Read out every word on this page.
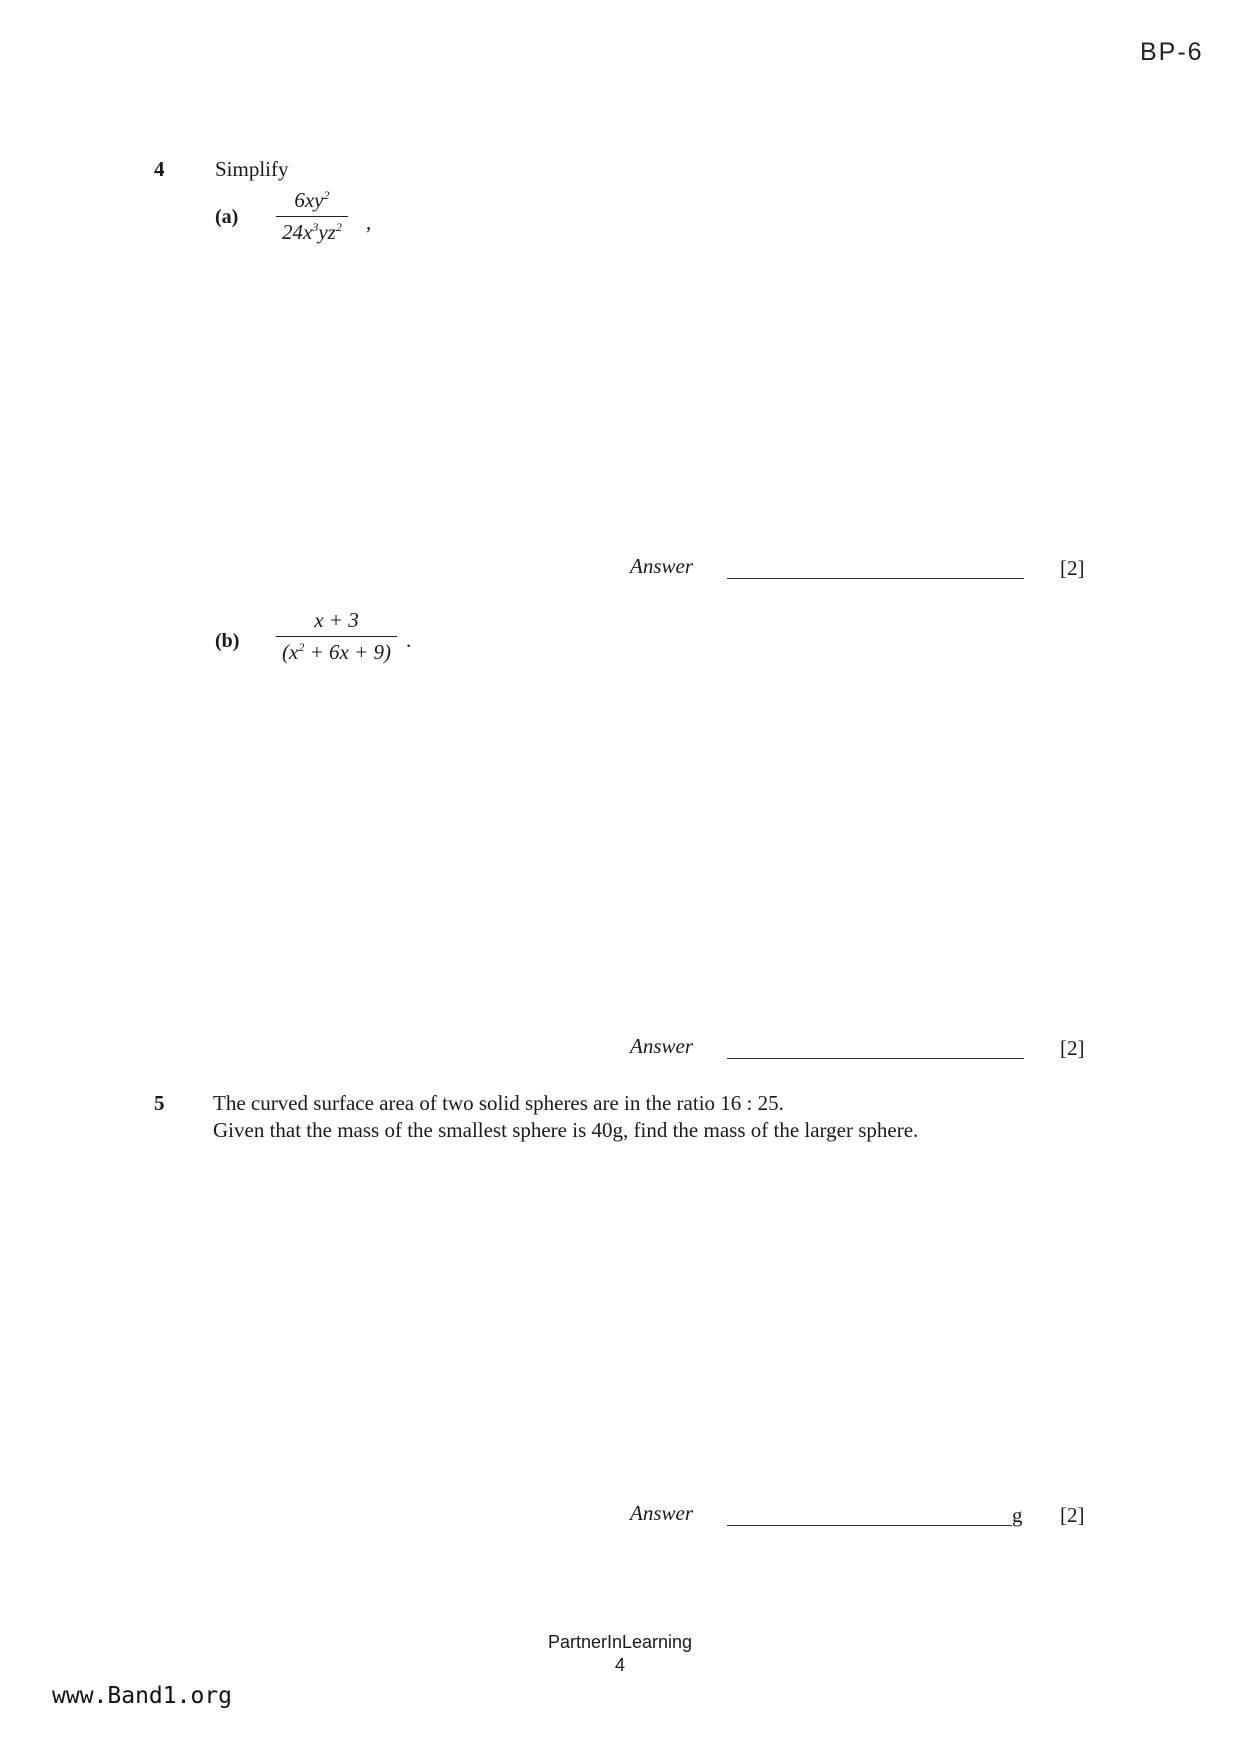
BP-6
4 Simplify
$(a) \frac{6xy^2}{24x^3yz^2}$ ,
Answer	[2]
$(b) \frac{x + 3}{(x^2 + 6x + 9)}$ .
Answer	[2]
5 The curved surface area of two solid spheres are in the ratio 16 : 25.
Given that the mass of the smallest sphere is 40g, find the mass of the larger sphere.
Answer	g [2]
PartnerInLearning
4
www.Band1.org
